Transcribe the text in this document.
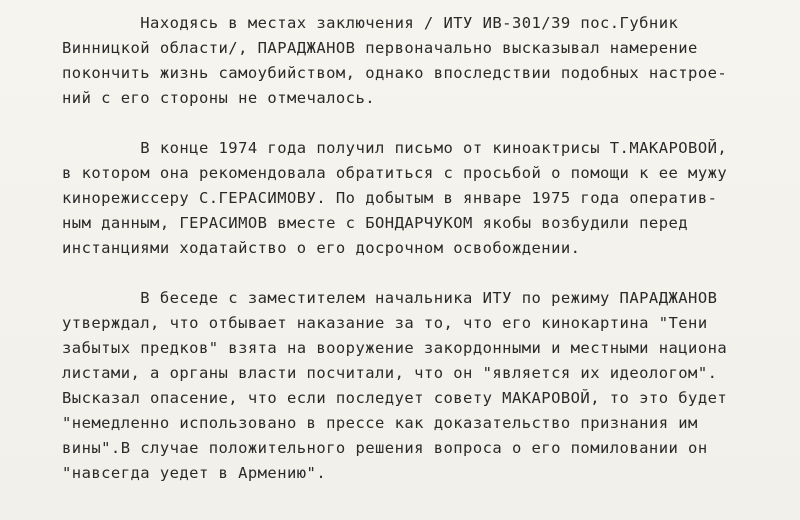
Находясь в местах заключения / ИТУ ИВ-301/39 пос.Губник
Винницкой области/, ПАРАДЖАНОВ первоначально высказывал намерение
покончить жизнь самоубийством, однако впоследствии подобных настрое-
ний с его стороны не отмечалось.
В конце 1974 года получил письмо от киноактрисы Т.МАКАРОВОЙ,
в котором она рекомендовала обратиться с просьбой о помощи к ее мужу
кинорежиссеру С.ГЕРАСИМОВУ. По добытым в январе 1975 года оператив-
ным данным, ГЕРАСИМОВ вместе с БОНДАРЧУКОМ якобы возбудили перед
инстанциями ходатайство о его досрочном освобождении.
В беседе с заместителем начальника ИТУ по режиму ПАРАДЖАНОВ
утверждал, что отбывает наказание за то, что его кинокартина "Тени
забытых предков" взята на вооружение закордонными и местными национа
листами, а органы власти посчитали, что он "является их идеологом".
Высказал опасение, что если последует совету МАКАРОВОЙ, то это будет
"немедленно использовано в прессе как доказательство признания им
вины".В случае положительного решения вопроса о его помиловании он
"навсегда уедет в Армению".
